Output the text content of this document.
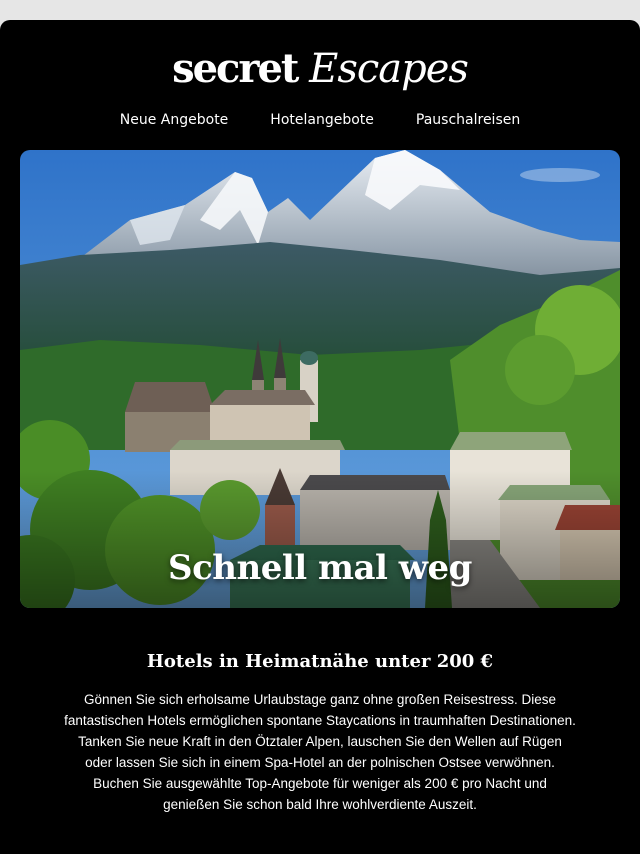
secret Escapes
Neue Angebote	Hotelangebote	Pauschalreisen
Schnell mal weg
Hotels in Heimatnähe unter 200 €
Gönnen Sie sich erholsame Urlaubstage ganz ohne großen Reisestress. Diese fantastischen Hotels ermöglichen spontane Staycations in traumhaften Destinationen. Tanken Sie neue Kraft in den Ötztaler Alpen, lauschen Sie den Wellen auf Rügen oder lassen Sie sich in einem Spa-Hotel an der polnischen Ostsee verwöhnen. Buchen Sie ausgewählte Top-Angebote für weniger als 200 € pro Nacht und genießen Sie schon bald Ihre wohlverdiente Auszeit.
